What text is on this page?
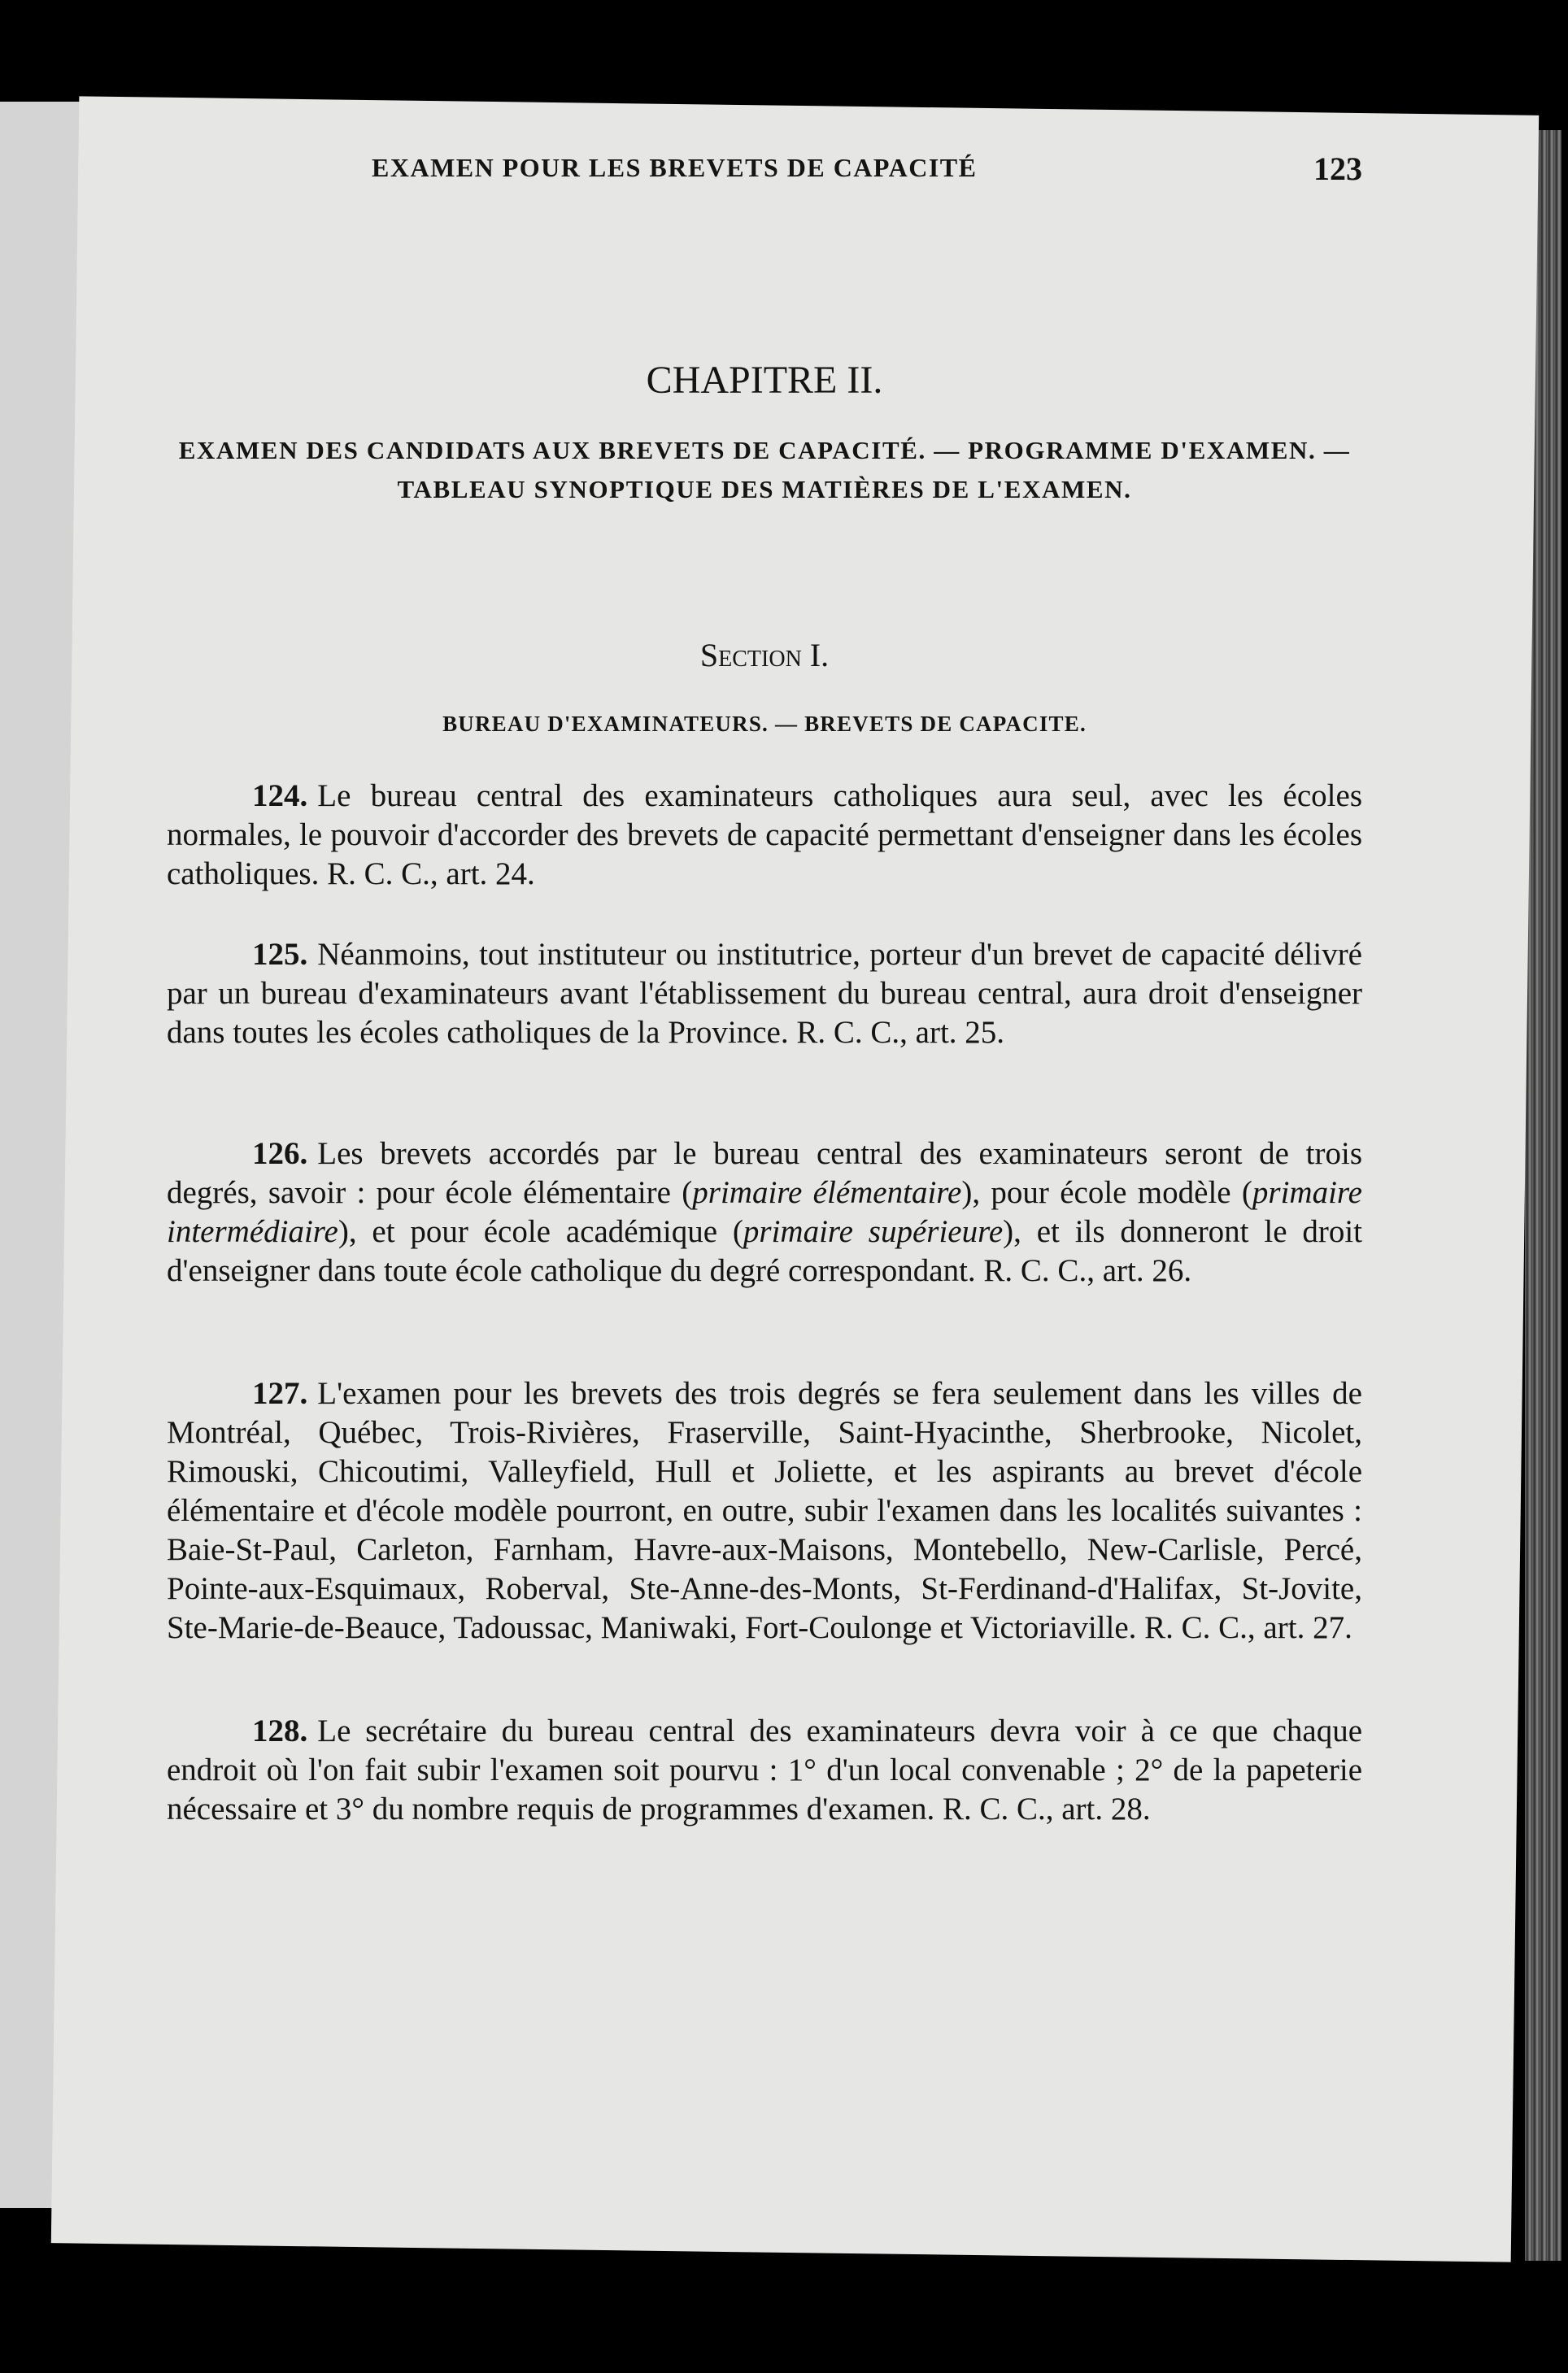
EXAMEN POUR LES BREVETS DE CAPACITÉ	123
CHAPITRE II.
EXAMEN DES CANDIDATS AUX BREVETS DE CAPACITÉ. — PROGRAMME D'EXAMEN. — TABLEAU SYNOPTIQUE DES MATIÈRES DE L'EXAMEN.
Section I.
BUREAU D'EXAMINATEURS. — BREVETS DE CAPACITE.

124. Le bureau central des examinateurs catholiques aura seul, avec les écoles normales, le pouvoir d'accorder des brevets de capacité permettant d'enseigner dans les écoles catholiques. R. C. C., art. 24.

125. Néanmoins, tout instituteur ou institutrice, porteur d'un brevet de capacité délivré par un bureau d'examinateurs avant l'établissement du bureau central, aura droit d'enseigner dans toutes les écoles catholiques de la Province. R. C. C., art. 25.

126. Les brevets accordés par le bureau central des examinateurs seront de trois degrés, savoir : pour école élémentaire (primaire élémentaire), pour école modèle (primaire intermédiaire), et pour école académique (primaire supérieure), et ils donneront le droit d'enseigner dans toute école catholique du degré correspondant. R. C. C., art. 26.

127. L'examen pour les brevets des trois degrés se fera seulement dans les villes de Montréal, Québec, Trois-Rivières, Fraserville, Saint-Hyacinthe, Sherbrooke, Nicolet, Rimouski, Chicoutimi, Valleyfield, Hull et Joliette, et les aspirants au brevet d'école élémentaire et d'école modèle pourront, en outre, subir l'examen dans les localités suivantes : Baie-St-Paul, Carleton, Farnham, Havre-aux-Maisons, Montebello, New-Carlisle, Percé, Pointe-aux-Esquimaux, Roberval, Ste-Anne-des-Monts, St-Ferdinand-d'Halifax, St-Jovite, Ste-Marie-de-Beauce, Tadoussac, Maniwaki, Fort-Coulonge et Victoriaville. R. C. C., art. 27.

128. Le secrétaire du bureau central des examinateurs devra voir à ce que chaque endroit où l'on fait subir l'examen soit pourvu : 1° d'un local convenable ; 2° de la papeterie nécessaire et 3° du nombre requis de programmes d'examen. R. C. C., art. 28.
